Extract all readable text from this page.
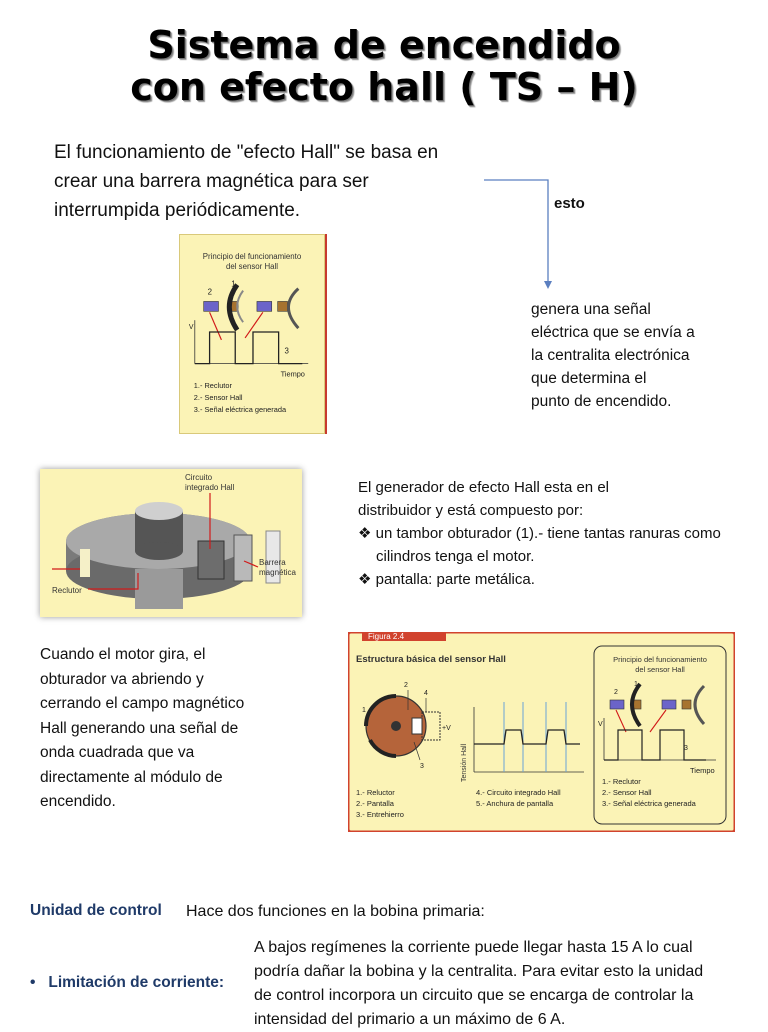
Sistema de encendido
con efecto hall ( TS – H)
El funcionamiento de "efecto Hall" se basa en
crear una barrera magnética para ser
interrumpida periódicamente.	esto
Principio del funcionamiento
del sensor Hall
2
1
3
V
Tiempo
1.- Reclutor
2.- Sensor Hall
3.- Señal eléctrica generada
genera una señal
eléctrica que se envía a
la centralita electrónica
que determina el
punto de encendido.
Circuito
integrado Hall
Barrera
magnética
Reclutor
El generador de efecto Hall esta en el
distribuidor y está compuesto por:
❖ un tambor obturador (1).- tiene tantas ranuras como cilindros tenga el motor.
❖ pantalla: parte metálica.
Cuando el motor gira, el
obturador va abriendo y
cerrando el campo magnético
Hall generando una señal de
onda cuadrada que va
directamente al módulo de
encendido.
Figura 2.4
Estructura básica del sensor Hall
2
4
1
3
+V
Tensión Hall
1.- Reluctor
2.- Pantalla
3.- Entrehierro
4.- Circuito integrado Hall
5.- Anchura de pantalla
Principio del funcionamiento
del sensor Hall
2
1
3
V
Tiempo
1.- Reclutor
2.- Sensor Hall
3.- Señal eléctrica generada
Unidad de control Hace dos funciones en la bobina primaria:
• Limitación de corriente:
A bajos regímenes la corriente puede llegar hasta 15 A lo cual
podría dañar la bobina y la centralita. Para evitar esto la unidad
de control incorpora un circuito que se encarga de controlar la
intensidad del primario a un máximo de 6 A.
